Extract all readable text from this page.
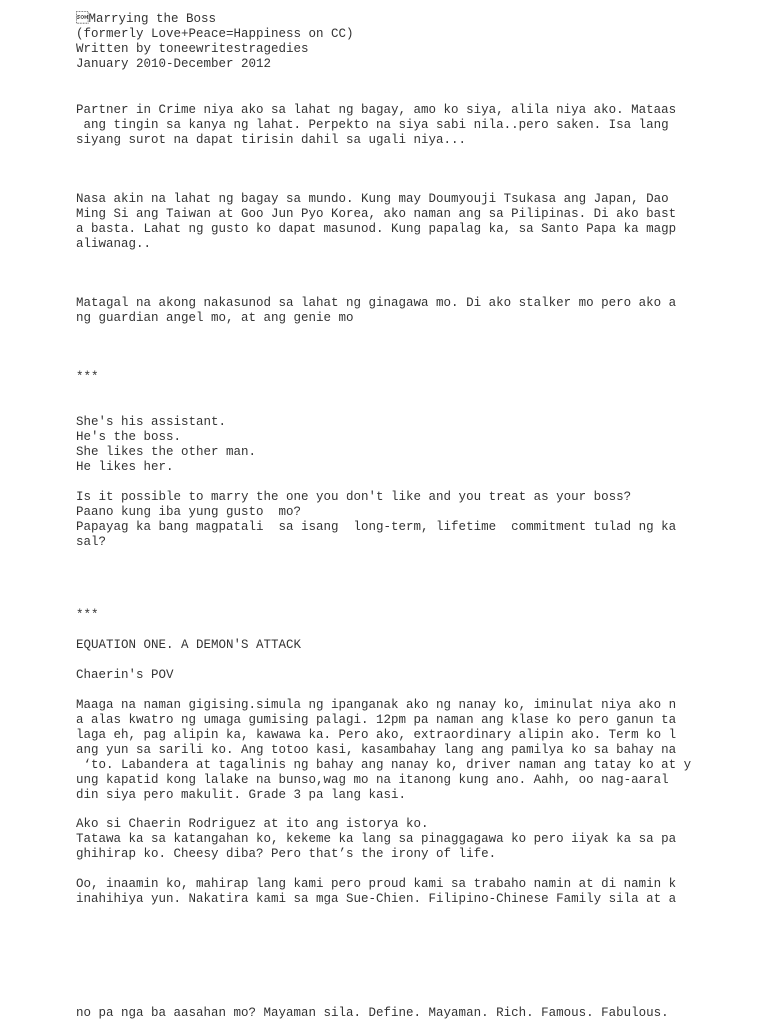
Marrying the Boss
(formerly Love+Peace=Happiness on CC)
Written by toneewritestragedies
January 2010-December 2012
Partner in Crime niya ako sa lahat ng bagay, amo ko siya, alila niya ako. Mataas
ang tingin sa kanya ng lahat. Perpekto na siya sabi nila..pero saken. Isa lang
siyang surot na dapat tirisin dahil sa ugali niya...
Nasa akin na lahat ng bagay sa mundo. Kung may Doumyouji Tsukasa ang Japan, Dao
Ming Si ang Taiwan at Goo Jun Pyo Korea, ako naman ang sa Pilipinas. Di ako bast
a basta. Lahat ng gusto ko dapat masunod. Kung papalag ka, sa Santo Papa ka magp
aliwanag..
Matagal na akong nakasunod sa lahat ng ginagawa mo. Di ako stalker mo pero ako a
ng guardian angel mo, at ang genie mo
***
She's his assistant.
He's the boss.
She likes the other man.
He likes her.
Is it possible to marry the one you don't like and you treat as your boss?
Paano kung iba yung gusto  mo?
Papayag ka bang magpatali  sa isang  long-term, lifetime  commitment tulad ng ka
sal?
***
EQUATION ONE. A DEMON'S ATTACK
Chaerin's POV
Maaga na naman gigising.simula ng ipanganak ako ng nanay ko, iminulat niya ako n
a alas kwatro ng umaga gumising palagi. 12pm pa naman ang klase ko pero ganun ta
laga eh, pag alipin ka, kawawa ka. Pero ako, extraordinary alipin ako. Term ko l
ang yun sa sarili ko. Ang totoo kasi, kasambahay lang ang pamilya ko sa bahay na
‘to. Labandera at tagalinis ng bahay ang nanay ko, driver naman ang tatay ko at y
ung kapatid kong lalake na bunso,wag mo na itanong kung ano. Aahh, oo nag-aaral
din siya pero makulit. Grade 3 pa lang kasi.
Ako si Chaerin Rodriguez at ito ang istorya ko.
Tatawa ka sa katangahan ko, kekeme ka lang sa pinaggagawa ko pero iiyak ka sa pa
ghihirap ko. Cheesy diba? Pero that’s the irony of life.
Oo, inaamin ko, mahirap lang kami pero proud kami sa trabaho namin at di namin k
inahihiya yun. Nakatira kami sa mga Sue-Chien. Filipino-Chinese Family sila at a
no pa nga ba aasahan mo? Mayaman sila. Define. Mayaman. Rich. Famous. Fabulous.
